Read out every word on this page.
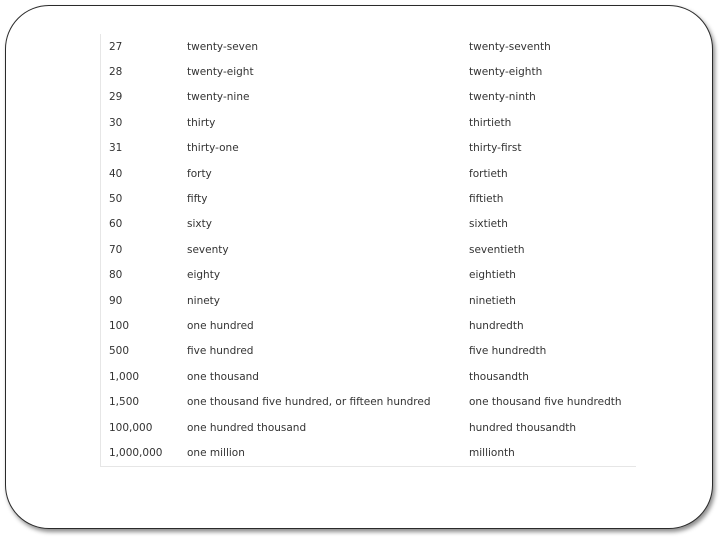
27	twenty-seven	twenty-seventh
28	twenty-eight	twenty-eighth
29	twenty-nine	twenty-ninth
30	thirty	thirtieth
31	thirty-one	thirty-first
40	forty	fortieth
50	fifty	fiftieth
60	sixty	sixtieth
70	seventy	seventieth
80	eighty	eightieth
90	ninety	ninetieth
100	one hundred	hundredth
500	five hundred	five hundredth
1,000	one thousand	thousandth
1,500	one thousand five hundred, or fifteen hundred	one thousand five hundredth
100,000	one hundred thousand	hundred thousandth
1,000,000	one million	millionth
